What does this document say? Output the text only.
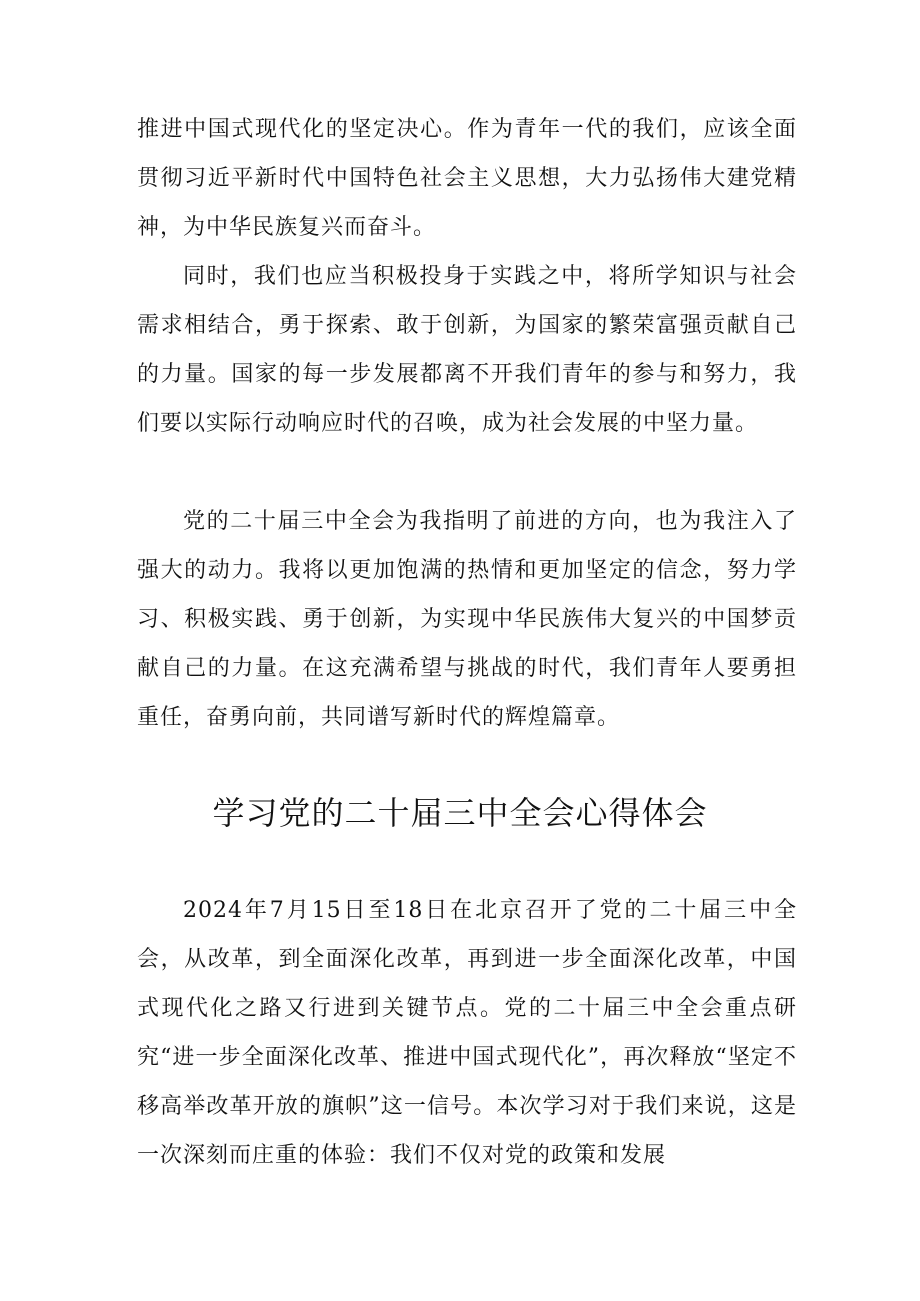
推进中国式现代化的坚定决心。作为青年一代的我们，应该全面贯彻习近平新时代中国特色社会主义思想，大力弘扬伟大建党精神，为中华民族复兴而奋斗。

同时，我们也应当积极投身于实践之中，将所学知识与社会需求相结合，勇于探索、敢于创新，为国家的繁荣富强贡献自己的力量。国家的每一步发展都离不开我们青年的参与和努力，我们要以实际行动响应时代的召唤，成为社会发展的中坚力量。

党的二十届三中全会为我指明了前进的方向，也为我注入了强大的动力。我将以更加饱满的热情和更加坚定的信念，努力学习、积极实践、勇于创新，为实现中华民族伟大复兴的中国梦贡献自己的力量。在这充满希望与挑战的时代，我们青年人要勇担重任，奋勇向前，共同谱写新时代的辉煌篇章。

学习党的二十届三中全会心得体会

2024年7月15日至18日在北京召开了党的二十届三中全会，从改革，到全面深化改革，再到进一步全面深化改革，中国式现代化之路又行进到关键节点。党的二十届三中全会重点研究“进一步全面深化改革、推进中国式现代化”，再次释放“坚定不移高举改革开放的旗帜”这一信号。本次学习对于我们来说，这是一次深刻而庄重的体验：我们不仅对党的政策和发展
